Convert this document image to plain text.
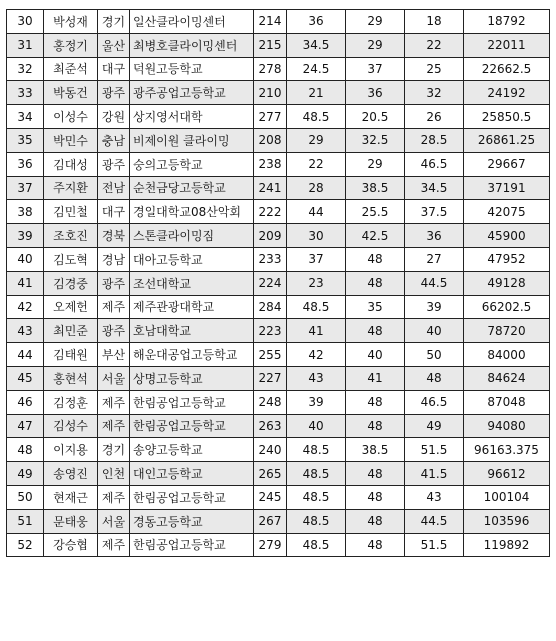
30	박성재	경기	일산클라이밍센터	214	36	29	18	18792
31	홍정기	울산	최병호클라이밍센터	215	34.5	29	22	22011
32	최준석	대구	덕원고등학교	278	24.5	37	25	22662.5
33	박동건	광주	광주공업고등학교	210	21	36	32	24192
34	이성수	강원	상지영서대학	277	48.5	20.5	26	25850.5
35	박민수	충남	비제이원 클라이밍	208	29	32.5	28.5	26861.25
36	김대성	광주	숭의고등학교	238	22	29	46.5	29667
37	주지환	전남	순천금당고등학교	241	28	38.5	34.5	37191
38	김민철	대구	경일대학교08산악회	222	44	25.5	37.5	42075
39	조호진	경북	스톤클라이밍짐	209	30	42.5	36	45900
40	김도혁	경남	대아고등학교	233	37	48	27	47952
41	김경중	광주	조선대학교	224	23	48	44.5	49128
42	오제헌	제주	제주관광대학교	284	48.5	35	39	66202.5
43	최민준	광주	호남대학교	223	41	48	40	78720
44	김태원	부산	해운대공업고등학교	255	42	40	50	84000
45	홍현석	서울	상명고등학교	227	43	41	48	84624
46	김정훈	제주	한림공업고등학교	248	39	48	46.5	87048
47	김성수	제주	한림공업고등학교	263	40	48	49	94080
48	이지용	경기	송양고등학교	240	48.5	38.5	51.5	96163.375
49	송영진	인천	대인고등학교	265	48.5	48	41.5	96612
50	현재근	제주	한림공업고등학교	245	48.5	48	43	100104
51	문태웅	서울	경동고등학교	267	48.5	48	44.5	103596
52	강승협	제주	한림공업고등학교	279	48.5	48	51.5	119892
